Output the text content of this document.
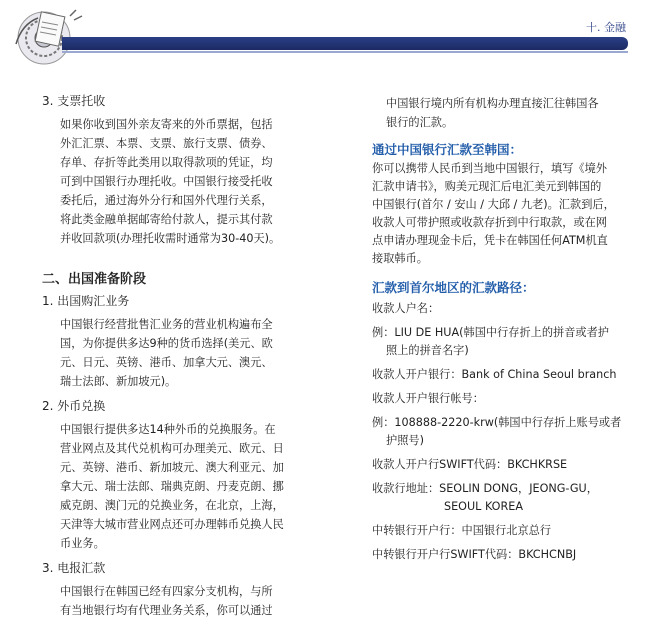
十. 金融

3. 支票托收

如果你收到国外亲友寄来的外币票据，包括

外汇汇票、本票、支票、旅行支票、债券、

存单、存折等此类用以取得款项的凭证，均

可到中国银行办理托收。中国银行接受托收

委托后，通过海外分行和国外代理行关系，

将此类金融单据邮寄给付款人，提示其付款

并收回款项(办理托收需时通常为30-40天)。

二、出国准备阶段

1. 出国购汇业务

中国银行经营批售汇业务的营业机构遍布全

国，为你提供多达9种的货币选择(美元、欧

元、日元、英镑、港币、加拿大元、澳元、

瑞士法郎、新加坡元)。

2. 外币兑换

中国银行提供多达14种外币的兑换服务。在

营业网点及其代兑机构可办理美元、欧元、日

元、英镑、港币、新加坡元、澳大利亚元、加

拿大元、瑞士法郎、瑞典克朗、丹麦克朗、挪

威克朗、澳门元的兑换业务，在北京，上海，

天津等大城市营业网点还可办理韩币兑换人民

币业务。

3. 电报汇款

中国银行在韩国已经有四家分支机构，与所

有当地银行均有代理业务关系，你可以通过

中国银行境内所有机构办理直接汇往韩国各

银行的汇款。

通过中国银行汇款至韩国：

你可以携带人民币到当地中国银行，填写《境外

汇款申请书》，购美元现汇后电汇美元到韩国的

中国银行(首尔 / 安山 / 大邱 / 九老)。汇款到后，

收款人可带护照或收款存折到中行取款，或在网

点申请办理现金卡后，凭卡在韩国任何ATM机直

接取韩币。

汇款到首尔地区的汇款路径：

收款人户名：

例：LIU DE HUA(韩国中行存折上的拼音或者护

照上的拼音名字)

收款人开户银行：Bank of China Seoul branch

收款人开户银行帐号：

例：108888-2220-krw(韩国中行存折上账号或者

护照号)

收款人开户行SWIFT代码：BKCHKRSE

收款行地址：SEOLIN DONG，JEONG-GU，

SEOUL KOREA

中转银行开户行：中国银行北京总行

中转银行开户行SWIFT代码：BKCHCNBJ
